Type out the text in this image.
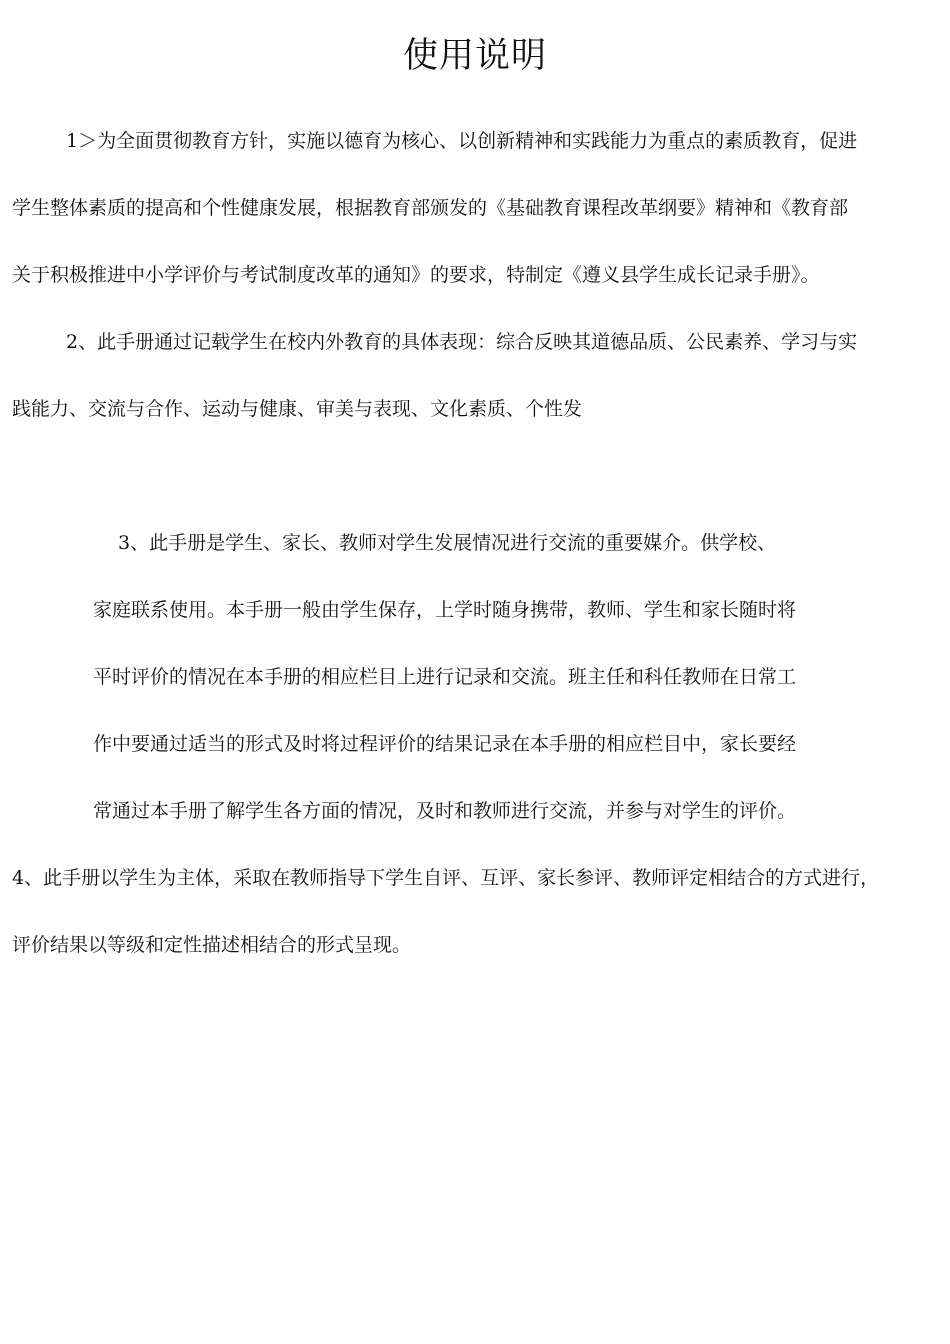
使用说明
1＞为全面贯彻教育方针，实施以德育为核心、以创新精神和实践能力为重点的素质教育，促进
学生整体素质的提高和个性健康发展，根据教育部颁发的《基础教育课程改革纲要》精神和《教育部
关于积极推进中小学评价与考试制度改革的通知》的要求，特制定《遵义县学生成长记录手册》。
2、此手册通过记载学生在校内外教育的具体表现：综合反映其道德品质、公民素养、学习与实
践能力、交流与合作、运动与健康、审美与表现、文化素质、个性发
3、此手册是学生、家长、教师对学生发展情况进行交流的重要媒介。供学校、
家庭联系使用。本手册一般由学生保存，上学时随身携带，教师、学生和家长随时将
平时评价的情况在本手册的相应栏目上进行记录和交流。班主任和科任教师在日常工
作中要通过适当的形式及时将过程评价的结果记录在本手册的相应栏目中，家长要经
常通过本手册了解学生各方面的情况，及时和教师进行交流，并参与对学生的评价。
4、此手册以学生为主体，采取在教师指导下学生自评、互评、家长参评、教师评定相结合的方式进行，
评价结果以等级和定性描述相结合的形式呈现。
